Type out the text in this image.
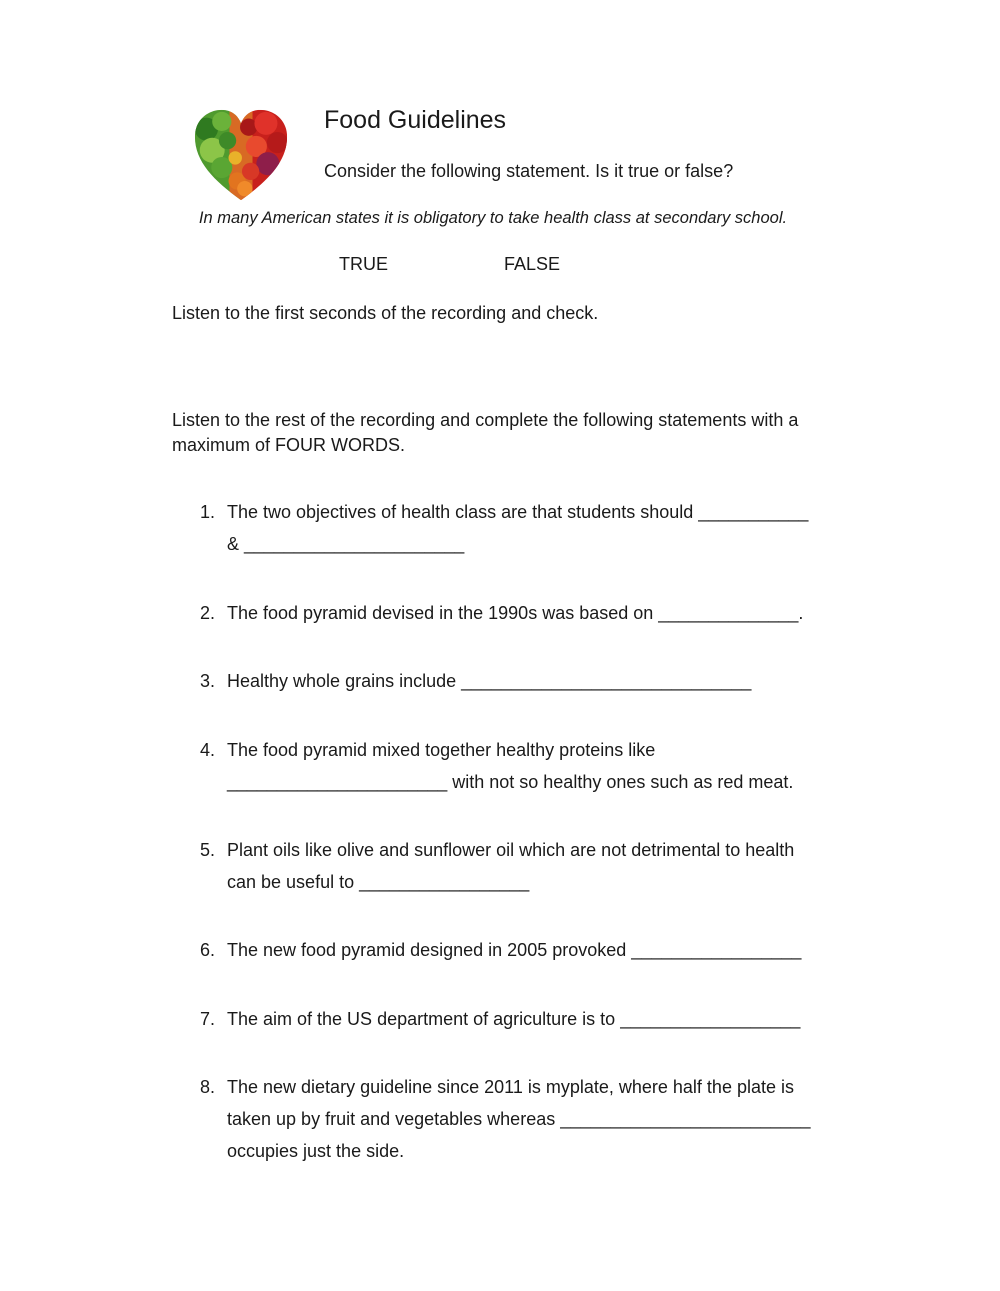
Food Guidelines
Consider the following statement. Is it true or false?
In many American states it is obligatory to take health class at secondary school.
TRUE	FALSE
Listen to the first seconds of the recording and check.
Listen to the rest of the recording and complete the following statements with a maximum of FOUR WORDS.
1. The two objectives of health class are that students should ___________
& ______________________
2. The food pyramid devised in the 1990s was based on ______________.
3. Healthy whole grains include _____________________________
4. The food pyramid mixed together healthy proteins like
______________________ with not so healthy ones such as red meat.
5. Plant oils like olive and sunflower oil which are not detrimental to health
can be useful to _________________
6. The new food pyramid designed in 2005 provoked _________________
7. The aim of the US department of agriculture is to __________________
8. The new dietary guideline since 2011 is myplate, where half the plate is
taken up by fruit and vegetables whereas _________________________
occupies just the side.
